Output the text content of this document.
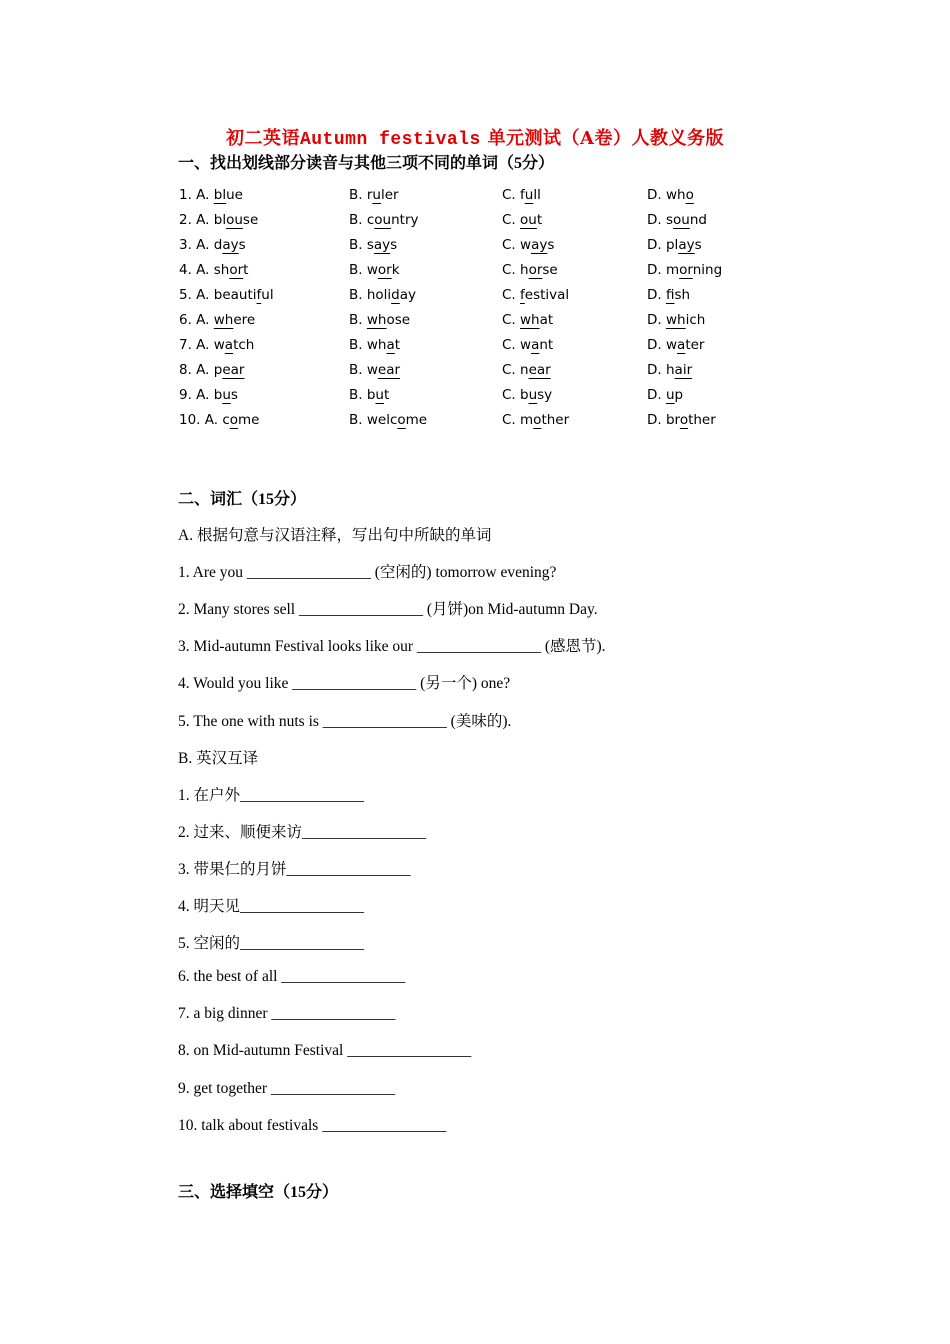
初二英语Autumn festivals 单元测试（A卷）人教义务版
一、找出划线部分读音与其他三项不同的单词（5分）
1. A. blue	B. ruler	C. full	D. who
2. A. blouse	B. country	C. out	D. sound
3. A. days	B. says	C. ways	D. plays
4. A. short	B. work	C. horse	D. morning
5. A. beautiful	B. holiday	C. festival	D. fish
6. A. where	B. whose	C. what	D. which
7. A. watch	B. what	C. want	D. water
8. A. pear	B. wear	C. near	D. hair
9. A. bus	B. but	C. busy	D. up
10. A. come	B. welcome	C. mother	D. brother
二、词汇（15分）
A. 根据句意与汉语注释，写出句中所缺的单词
1. Are you ________________ (空闲的) tomorrow evening?
2. Many stores sell ________________ (月饼)on Mid-autumn Day.
3. Mid-autumn Festival looks like our ________________ (感恩节).
4. Would you like ________________ (另一个) one?
5. The one with nuts is ________________ (美味的).
B. 英汉互译
1. 在户外________________
2. 过来、顺便来访________________
3. 带果仁的月饼________________
4. 明天见________________
5. 空闲的________________
6. the best of all ________________
7. a big dinner ________________
8. on Mid-autumn Festival ________________
9. get together ________________
10. talk about festivals ________________
三、选择填空（15分）
